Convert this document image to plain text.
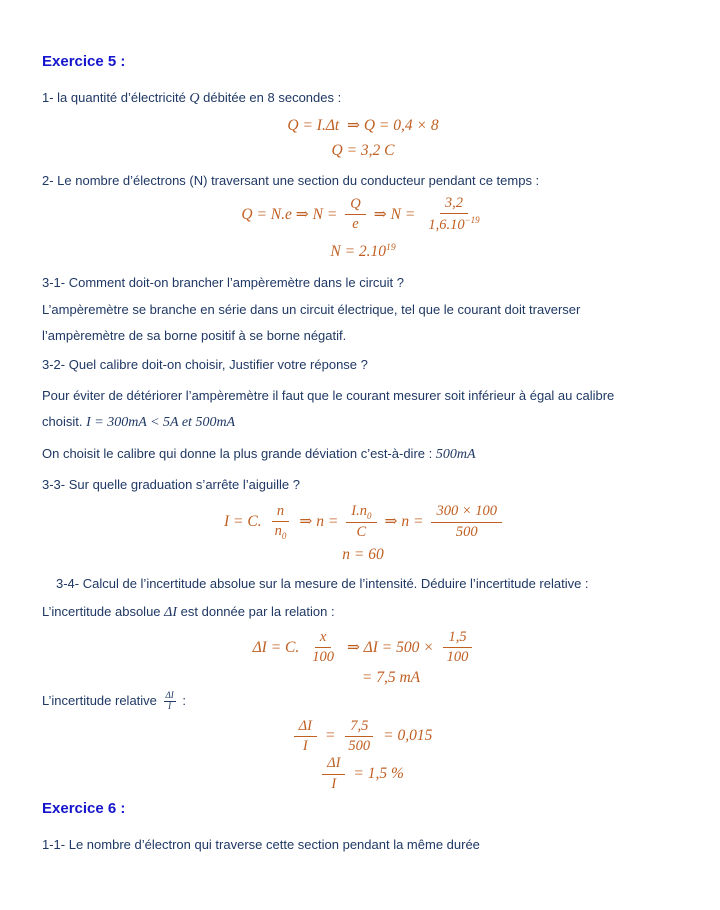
Exercice 5 :

1- la quantité d’électricité Q débitée en 8 secondes :

Q = I.Δt  ⇒ Q = 0,4 × 8
Q = 3,2 C

2- Le nombre d’électrons (N) traversant une section du conducteur pendant ce temps :

Q = N.e ⇒ $N = \frac{Q}{e}$ ⇒ $N = \frac{3,2}{1,6.10^{-19}}$
$N = 2.10^{19}$

3-1- Comment doit-on brancher l’ampèremètre dans le circuit ?

L’ampèremètre se branche en série dans un circuit électrique, tel que le courant doit traverser
l’ampèremètre de sa borne positif à se borne négatif.

3-2- Quel calibre doit-on choisir, Justifier votre réponse ?

Pour éviter de détériorer l’ampèremètre il faut que le courant mesurer soit inférieur à égal au calibre
choisit. I = 300mA < 5A et 500mA

On choisit le calibre qui donne la plus grande déviation c’est-à-dire : 500mA

3-3- Sur quelle graduation s’arrête l’aiguille ?

I = C. $\frac{n}{n_0}$ ⇒ $n = \frac{I.n_0}{C}$ ⇒ $n = \frac{300 \times 100}{500}$
n = 60

3-4- Calcul de l’incertitude absolue sur la mesure de l’intensité. Déduire l’incertitude relative :

L’incertitude absolue ΔI est donnée par la relation :

ΔI = C. $\frac{x}{100}$ ⇒ $\Delta I = 500 \times \frac{1,5}{100}$
= 7,5 mA

L’incertitude relative $\frac{\Delta I}{I}$ :

$\frac{\Delta I}{I} = \frac{7,5}{500} = 0,015$
$\frac{\Delta I}{I} = 1,5$ %
Exercice 6 :

1-1- Le nombre d’électron qui traverse cette section pendant la même durée
